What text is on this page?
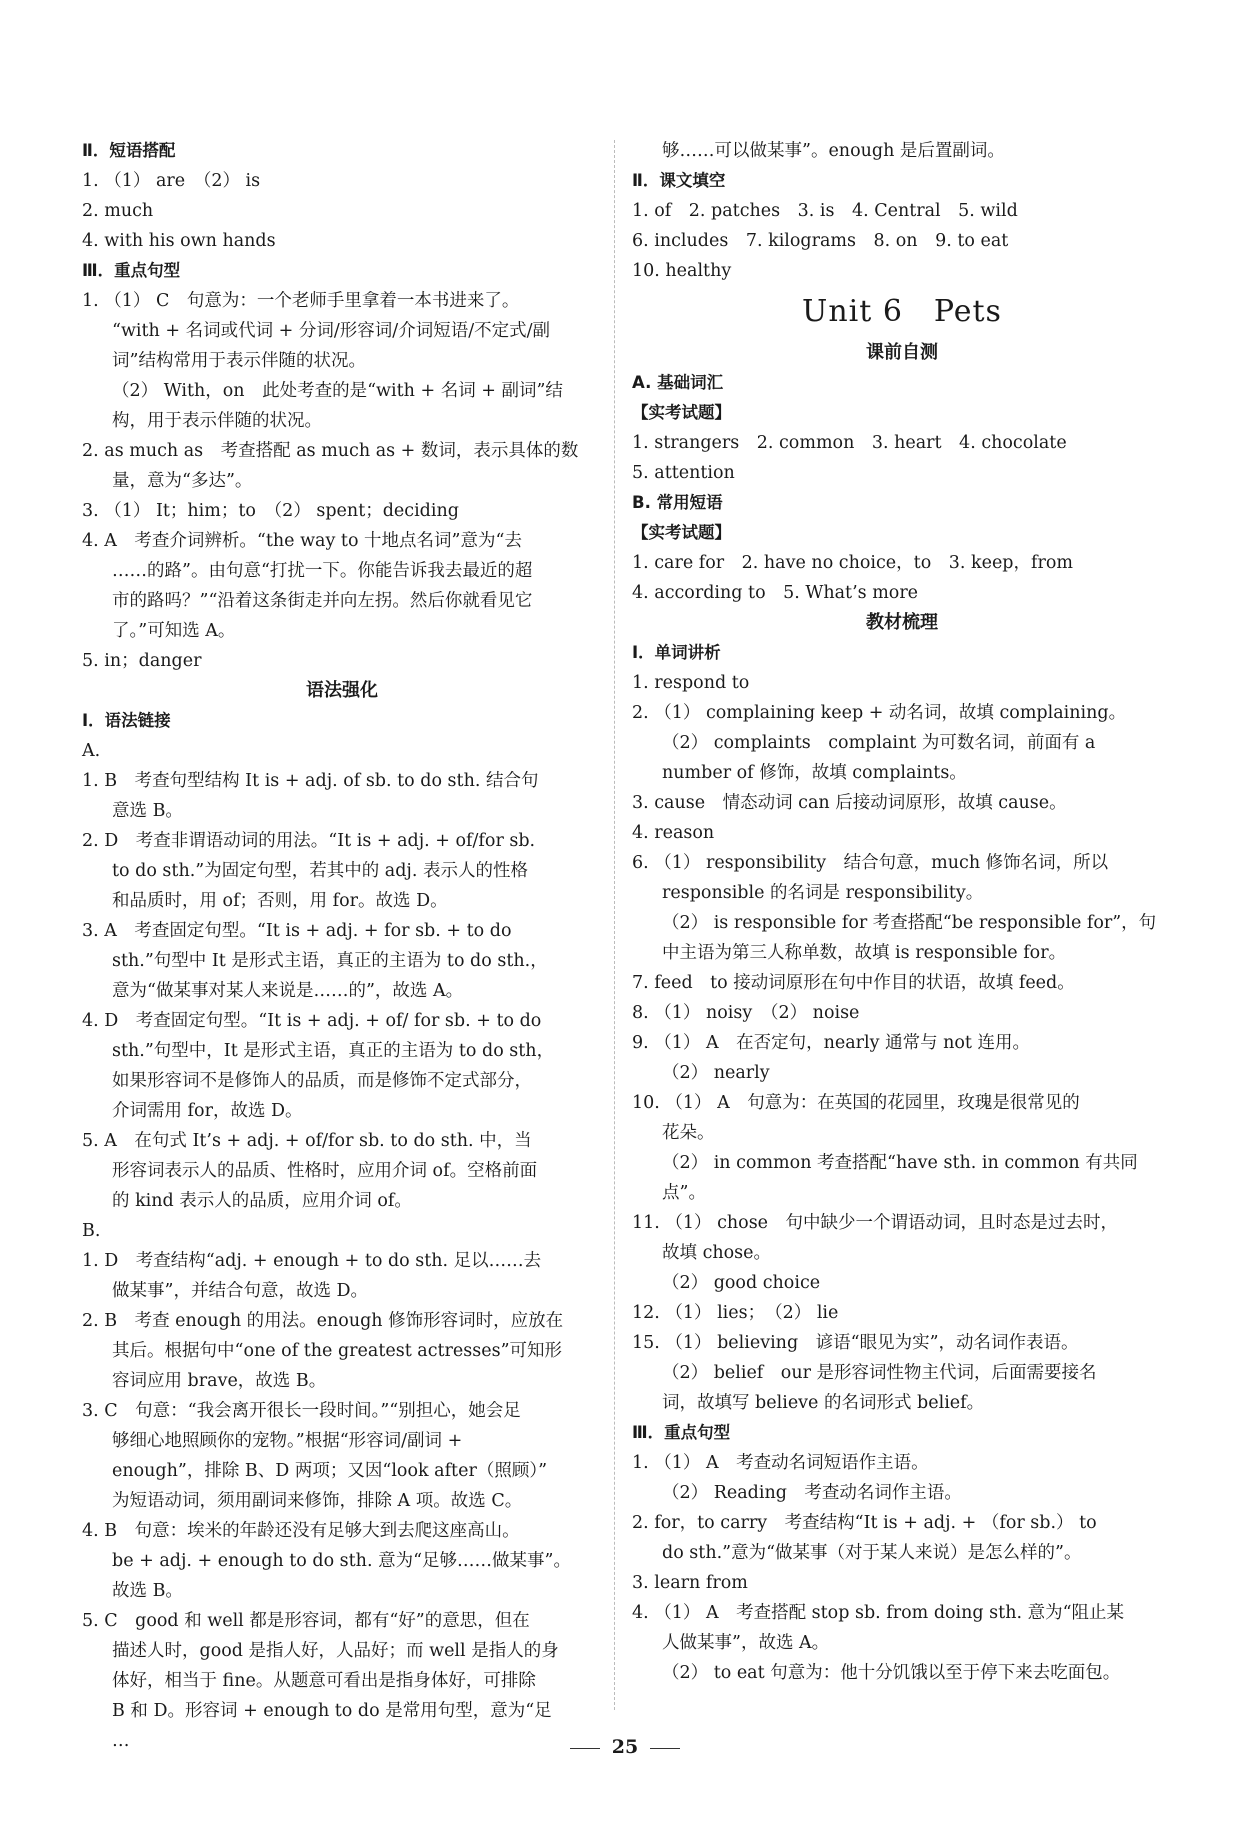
Ⅱ．短语搭配
1. （1） are　（2） is
2. much
4. with his own hands
Ⅲ．重点句型
1. （1） C　句意为：一个老师手里拿着一本书进来了。
“with + 名词或代词 + 分词/形容词/介词短语/不定式/副
词”结构常用于表示伴随的状况。
（2） With，on　此处考查的是“with + 名词 + 副词”结
构，用于表示伴随的状况。
2. as much as　考查搭配 as much as + 数词，表示具体的数
量，意为“多达”。
3. （1） It；him；to　（2） spent；deciding
4. A　考查介词辨析。“the way to 十地点名词”意为“去
……的路”。由句意“打扰一下。你能告诉我去最近的超
市的路吗？”“沿着这条街走并向左拐。然后你就看见它
了。”可知选 A。
5. in；danger
语法强化
Ⅰ．语法链接
A.
1. B　考查句型结构 It is + adj. of sb. to do sth. 结合句
意选 B。
2. D　考查非谓语动词的用法。“It is + adj. + of/for sb.
to do sth.”为固定句型，若其中的 adj. 表示人的性格
和品质时，用 of；否则，用 for。故选 D。
3. A　考查固定句型。“It is + adj. + for sb. + to do
sth.”句型中 It 是形式主语，真正的主语为 to do sth.，
意为“做某事对某人来说是……的”，故选 A。
4. D　考查固定句型。“It is + adj. + of/ for sb. + to do
sth.”句型中，It 是形式主语，真正的主语为 to do sth，
如果形容词不是修饰人的品质，而是修饰不定式部分，
介词需用 for，故选 D。
5. A　在句式 It’s + adj. + of/for sb. to do sth. 中，当
形容词表示人的品质、性格时，应用介词 of。空格前面
的 kind 表示人的品质，应用介词 of。
B.
1. D　考查结构“adj. + enough + to do sth. 足以……去
做某事”，并结合句意，故选 D。
2. B　考查 enough 的用法。enough 修饰形容词时，应放在
其后。根据句中“one of the greatest actresses”可知形
容词应用 brave，故选 B。
3. C　句意：“我会离开很长一段时间。”“别担心，她会足
够细心地照顾你的宠物。”根据“形容词/副词 +
enough”，排除 B、D 两项；又因“look after（照顾）”
为短语动词，须用副词来修饰，排除 A 项。故选 C。
4. B　句意：埃米的年龄还没有足够大到去爬这座高山。
be + adj. + enough to do sth. 意为“足够……做某事”。
故选 B。
5. C　good 和 well 都是形容词，都有“好”的意思，但在
描述人时，good 是指人好，人品好；而 well 是指人的身
体好，相当于 fine。从题意可看出是指身体好，可排除
B 和 D。形容词 + enough to do 是常用句型，意为“足
…
够……可以做某事”。enough 是后置副词。
Ⅱ．课文填空
1. of　2. patches　3. is　4. Central　5. wild
6. includes　7. kilograms　8. on　9. to eat
10. healthy
Unit 6　Pets
课前自测
A. 基础词汇
【实考试题】
1. strangers　2. common　3. heart　4. chocolate
5. attention
B. 常用短语
【实考试题】
1. care for　2. have no choice，to　3. keep，from
4. according to　5. What’s more
教材梳理
Ⅰ．单词讲析
1. respond to
2. （1） complaining keep + 动名词，故填 complaining。
（2） complaints　complaint 为可数名词，前面有 a
number of 修饰，故填 complaints。
3. cause　情态动词 can 后接动词原形，故填 cause。
4. reason
6. （1） responsibility　结合句意，much 修饰名词，所以
responsible 的名词是 responsibility。
（2） is responsible for 考查搭配“be responsible for”，句
中主语为第三人称单数，故填 is responsible for。
7. feed　to 接动词原形在句中作目的状语，故填 feed。
8. （1） noisy　（2） noise
9. （1） A　在否定句，nearly 通常与 not 连用。
（2） nearly
10. （1） A　句意为：在英国的花园里，玫瑰是很常见的
花朵。
（2） in common 考查搭配“have sth. in common 有共同
点”。
11. （1） chose　句中缺少一个谓语动词，且时态是过去时，
故填 chose。
（2） good choice
12. （1） lies；　（2） lie
15. （1） believing　谚语“眼见为实”，动名词作表语。
（2） belief　our 是形容词性物主代词，后面需要接名
词，故填写 believe 的名词形式 belief。
Ⅲ．重点句型
1. （1） A　考查动名词短语作主语。
（2） Reading　考查动名词作主语。
2. for，to carry　考查结构“It is + adj. + （for sb.） to
do sth.”意为“做某事（对于某人来说）是怎么样的”。
3. learn from
4. （1） A　考查搭配 stop sb. from doing sth. 意为“阻止某
人做某事”，故选 A。
（2） to eat 句意为：他十分饥饿以至于停下来去吃面包。
25
